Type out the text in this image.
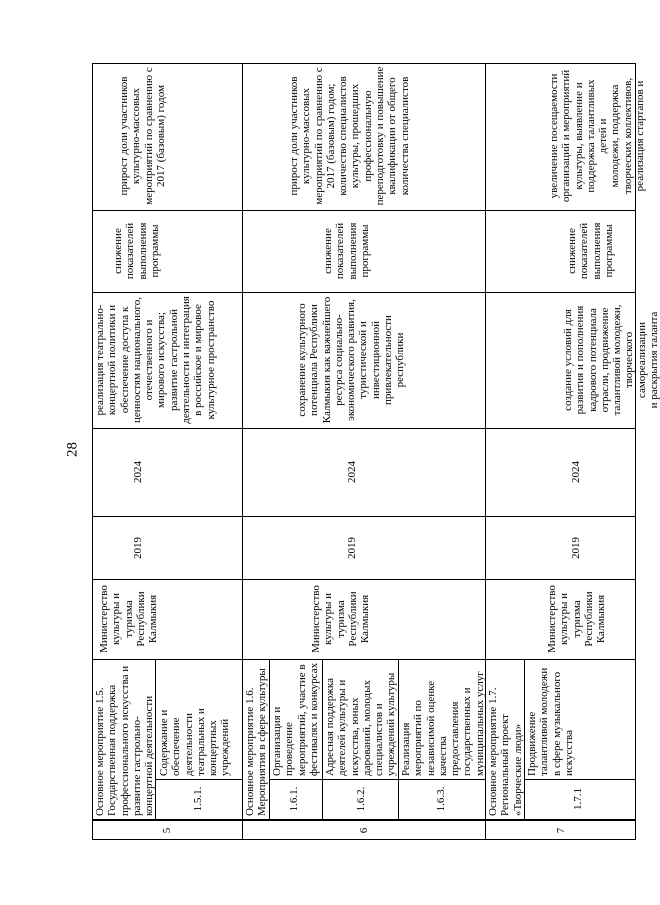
28
5
Основное мероприятие 1.5.
Государственная поддержка
профессионального искусства и
развитие гастрольно-
концертной деятельности
1.5.1.
Содержание и
обеспечение
деятельности
театральных и
концертных
учреждений
Министерство
культуры и
туризма
Республики
Калмыкия
2019
2024
реализация театрально-
концертной политики и
обеспечение доступа к
ценностям национального,
отечественного и
мирового искусства;
развитие гастрольной
деятельности и интеграция
в российское и мировое
культурное пространство
снижение
показателей
выполнения
программы
прирост доли участников
культурно-массовых
мероприятий по сравнению с
2017 (базовым) годом
6
Основное мероприятие 1.6.
Мероприятия в сфере культуры
1.6.1.
Организация и
проведение
мероприятий, участие в
фестивалях и конкурсах
1.6.2.
Адресная поддержка
деятелей культуры и
искусства, юных
дарований, молодых
специалистов и
учреждений культуры
1.6.3.
Реализация
мероприятий по
независимой оценке
качества
предоставления
государственных и
муниципальных услуг
Министерство
культуры и
туризма
Республики
Калмыкия
2019
2024
сохранение культурного
потенциала Республики
Калмыкия как важнейшего
ресурса социально-
экономического развития,
туристической и
инвестиционной
привлекательности
республики
снижение
показателей
выполнения
программы
прирост доли участников
культурно-массовых
мероприятий по сравнению с
2017 (базовым) годом;
количество специалистов
культуры, прошедших
профессиональную
переподготовку и повышение
квалификации от общего
количества специалистов
7
Основное мероприятие 1.7.
Региональный проект
«Творческие люди»
1.7.1
Продвижение
талантливой молодежи
в сфере музыкального
искусства
Министерство
культуры и
туризма
Республики
Калмыкия
2019
2024
создание условий для
развития и пополнения
кадрового потенциала
отрасли, продвижение
талантливой молодежи,
творческого самореализации
и раскрытия таланта
снижение
показателей
выполнения
программы
увеличение посещаемости
организаций и мероприятий
культуры, выявление и
поддержка талантливых детей и
молодежи, поддержка
творческих коллективов,
реализация стартапов и
